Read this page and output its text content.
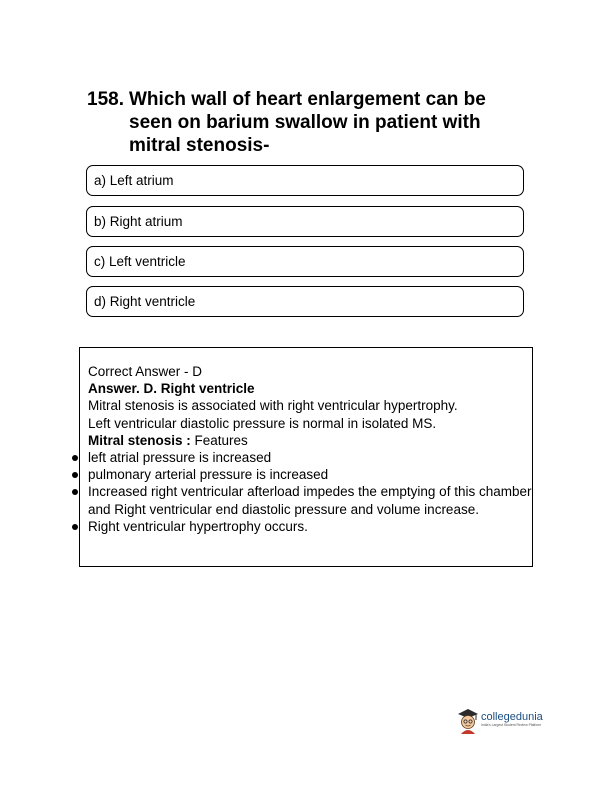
158. Which wall of heart enlargement can be seen on barium swallow in patient with mitral stenosis-
a) Left atrium
b) Right atrium
c) Left ventricle
d) Right ventricle

Correct Answer - D

Answer. D. Right ventricle

Mitral stenosis is associated with right ventricular hypertrophy.

Left ventricular diastolic pressure is normal in isolated MS.

Mitral stenosis : Features

left atrial pressure is increased
pulmonary arterial pressure is increased
Increased right ventricular afterload impedes the emptying of this chamber and Right ventricular end diastolic pressure and volume increase.
Right ventricular hypertrophy occurs.
collegedunia
India's Largest Student Review Platform
